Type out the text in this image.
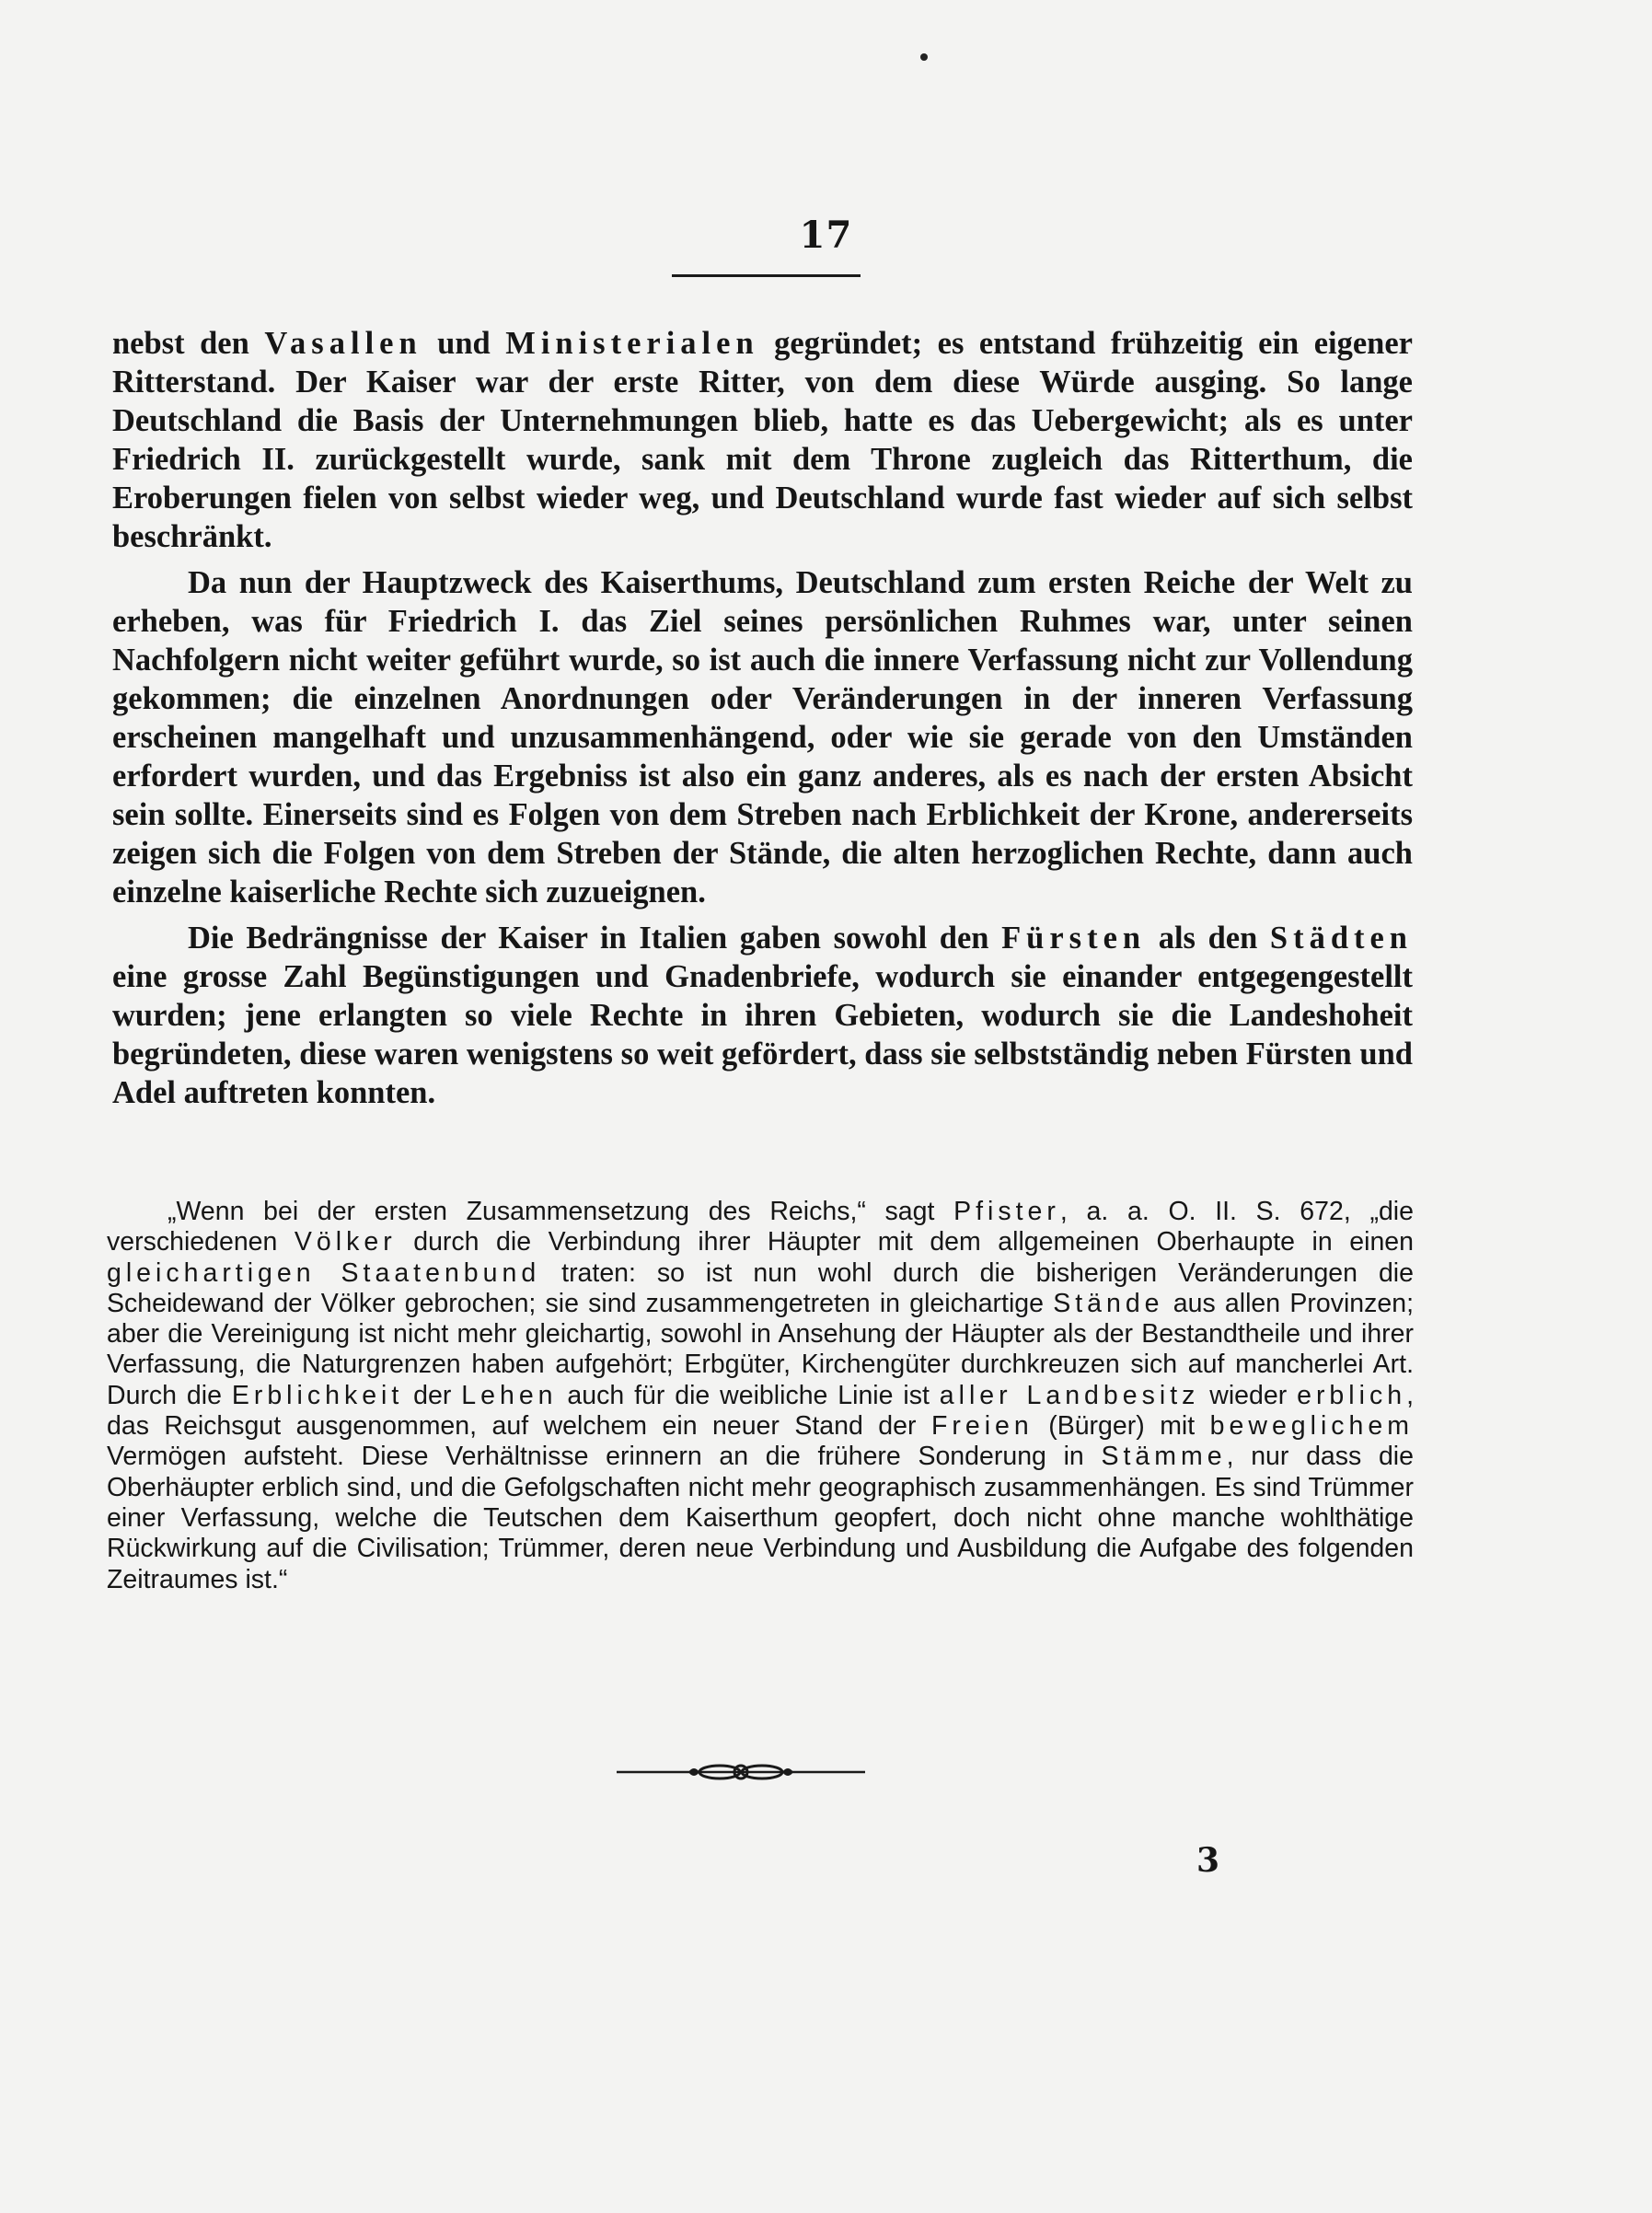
17

nebst den Vasallen und Ministerialen gegründet; es entstand frühzeitig ein eigener Ritterstand. Der Kaiser war der erste Ritter, von dem diese Würde ausging. So lange Deutschland die Basis der Unternehmungen blieb, hatte es das Uebergewicht; als es unter Friedrich II. zurückgestellt wurde, sank mit dem Throne zugleich das Ritterthum, die Eroberungen fielen von selbst wieder weg, und Deutschland wurde fast wieder auf sich selbst beschränkt.

Da nun der Hauptzweck des Kaiserthums, Deutschland zum ersten Reiche der Welt zu erheben, was für Friedrich I. das Ziel seines persönlichen Ruhmes war, unter seinen Nachfolgern nicht weiter geführt wurde, so ist auch die innere Verfassung nicht zur Vollendung gekommen; die einzelnen Anordnungen oder Veränderungen in der inneren Verfassung erscheinen mangelhaft und unzusammenhängend, oder wie sie gerade von den Umständen erfordert wurden, und das Ergebniss ist also ein ganz anderes, als es nach der ersten Absicht sein sollte. Einerseits sind es Folgen von dem Streben nach Erblichkeit der Krone, andererseits zeigen sich die Folgen von dem Streben der Stände, die alten herzoglichen Rechte, dann auch einzelne kaiserliche Rechte sich zuzueignen.

Die Bedrängnisse der Kaiser in Italien gaben sowohl den Fürsten als den Städten eine grosse Zahl Begünstigungen und Gnadenbriefe, wodurch sie einander entgegengestellt wurden; jene erlangten so viele Rechte in ihren Gebieten, wodurch sie die Landeshoheit begründeten, diese waren wenigstens so weit gefördert, dass sie selbstständig neben Fürsten und Adel auftreten konnten.

„Wenn bei der ersten Zusammensetzung des Reichs,“ sagt Pfister, a. a. O. II. S. 672, „die verschiedenen Völker durch die Verbindung ihrer Häupter mit dem allgemeinen Oberhaupte in einen gleichartigen Staatenbund traten: so ist nun wohl durch die bisherigen Veränderungen die Scheidewand der Völker gebrochen; sie sind zusammengetreten in gleichartige Stände aus allen Provinzen; aber die Vereinigung ist nicht mehr gleichartig, sowohl in Ansehung der Häupter als der Bestandtheile und ihrer Verfassung, die Naturgrenzen haben aufgehört; Erbgüter, Kirchengüter durchkreuzen sich auf mancherlei Art. Durch die Erblichkeit der Lehen auch für die weibliche Linie ist aller Landbesitz wieder erblich, das Reichsgut ausgenommen, auf welchem ein neuer Stand der Freien (Bürger) mit beweglichem Vermögen aufsteht. Diese Verhältnisse erinnern an die frühere Sonderung in Stämme, nur dass die Oberhäupter erblich sind, und die Gefolgschaften nicht mehr geographisch zusammenhängen. Es sind Trümmer einer Verfassung, welche die Teutschen dem Kaiserthum geopfert, doch nicht ohne manche wohlthätige Rückwirkung auf die Civilisation; Trümmer, deren neue Verbindung und Ausbildung die Aufgabe des folgenden Zeitraumes ist.“

3
